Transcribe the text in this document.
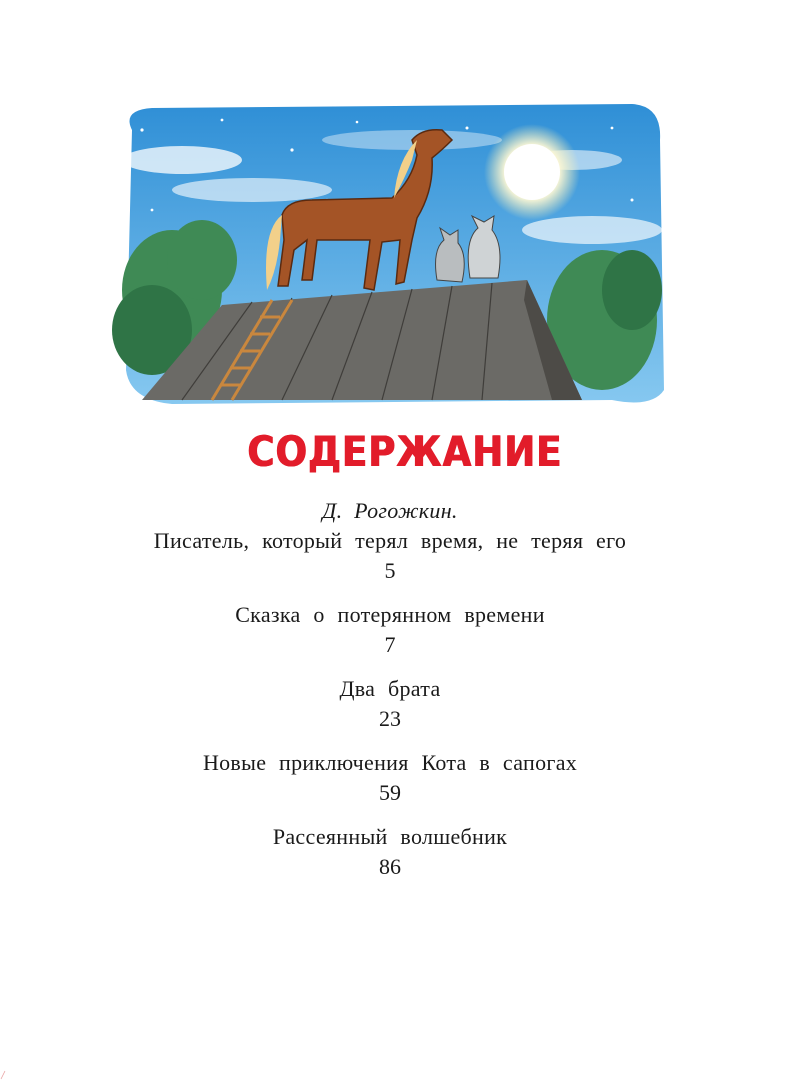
СОДЕРЖАНИЕ
Д. Рогожкин.
Писатель, который терял время, не теряя его
5
Сказка о потерянном времени
7
Два брата
23
Новые приключения Кота в сапогах
59
Рассеянный волшебник
86
